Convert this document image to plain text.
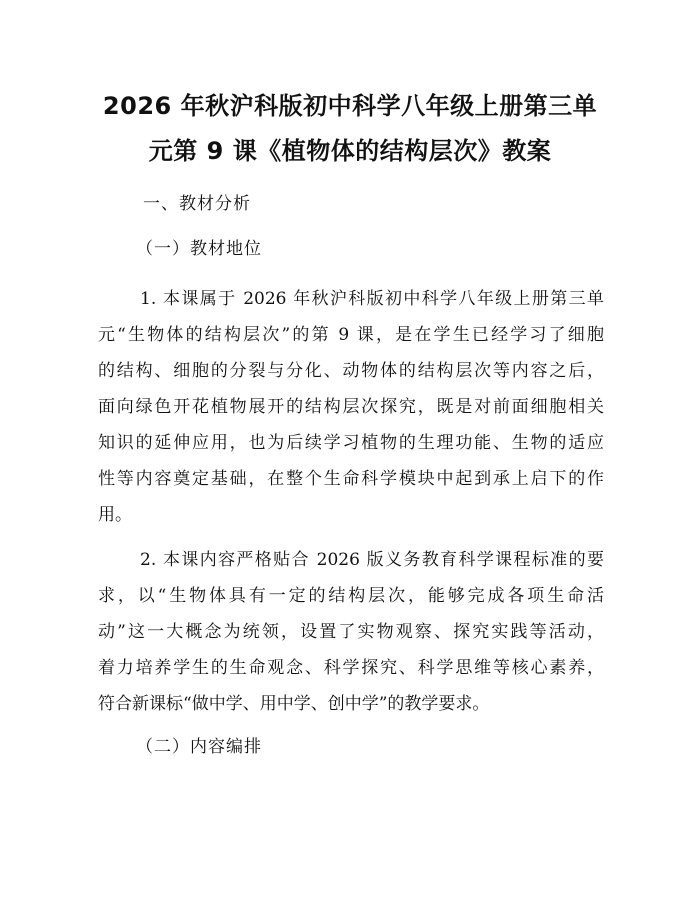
2026 年秋沪科版初中科学八年级上册第三单
元第 9 课《植物体的结构层次》教案
一、教材分析
（一）教材地位
1. 本课属于 2026 年秋沪科版初中科学八年级上册第三单
元“生物体的结构层次”的第 9 课，是在学生已经学习了细胞
的结构、细胞的分裂与分化、动物体的结构层次等内容之后，
面向绿色开花植物展开的结构层次探究，既是对前面细胞相关
知识的延伸应用，也为后续学习植物的生理功能、生物的适应
性等内容奠定基础，在整个生命科学模块中起到承上启下的作
用。
2. 本课内容严格贴合 2026 版义务教育科学课程标准的要
求，以“生物体具有一定的结构层次，能够完成各项生命活
动”这一大概念为统领，设置了实物观察、探究实践等活动，
着力培养学生的生命观念、科学探究、科学思维等核心素养，
符合新课标“做中学、用中学、创中学”的教学要求。
（二）内容编排
